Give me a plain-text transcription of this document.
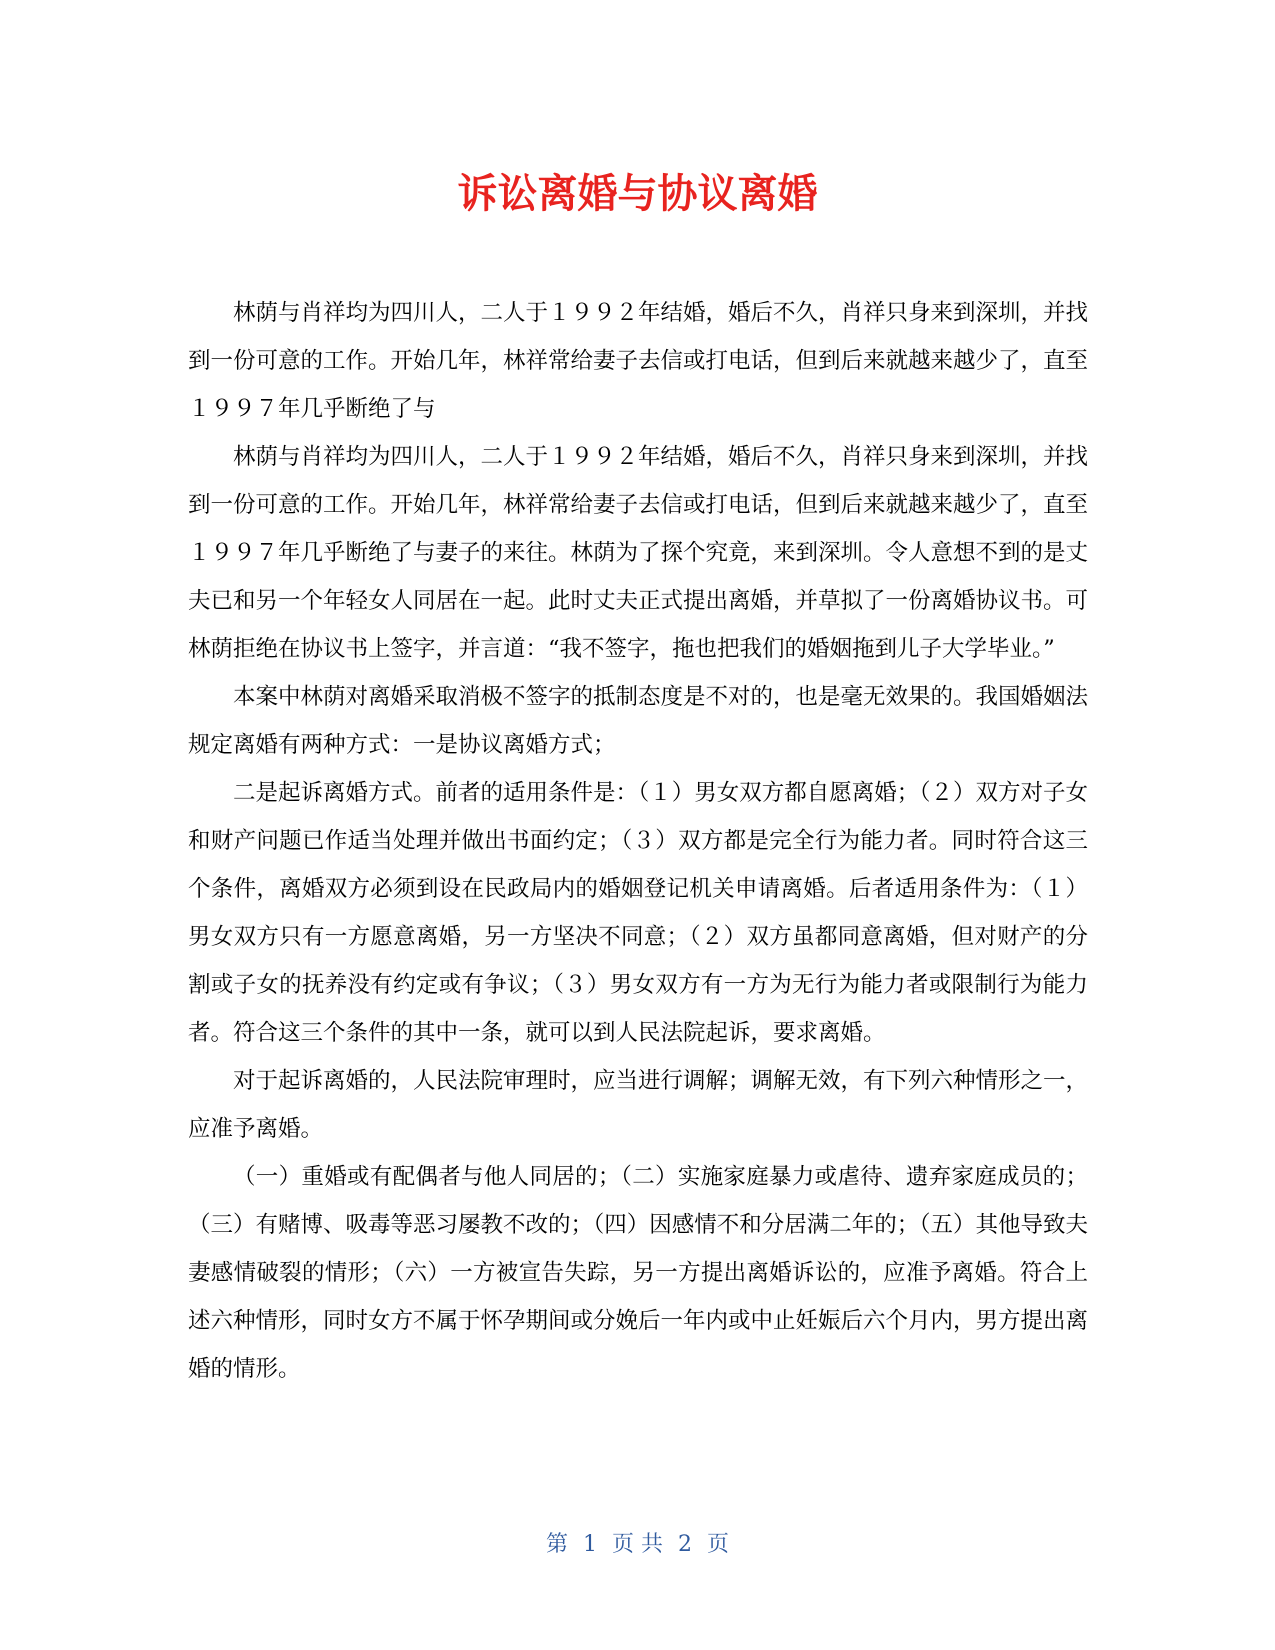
诉讼离婚与协议离婚

林荫与肖祥均为四川人，二人于１９９２年结婚，婚后不久，肖祥只身来到深圳，并找到一份可意的工作。开始几年，林祥常给妻子去信或打电话，但到后来就越来越少了，直至１９９７年几乎断绝了与

林荫与肖祥均为四川人，二人于１９９２年结婚，婚后不久，肖祥只身来到深圳，并找到一份可意的工作。开始几年，林祥常给妻子去信或打电话，但到后来就越来越少了，直至１９９７年几乎断绝了与妻子的来往。林荫为了探个究竟，来到深圳。令人意想不到的是丈夫已和另一个年轻女人同居在一起。此时丈夫正式提出离婚，并草拟了一份离婚协议书。可林荫拒绝在协议书上签字，并言道：“我不签字，拖也把我们的婚姻拖到儿子大学毕业。”

本案中林荫对离婚采取消极不签字的抵制态度是不对的，也是毫无效果的。我国婚姻法规定离婚有两种方式：一是协议离婚方式；

二是起诉离婚方式。前者的适用条件是：（１）男女双方都自愿离婚；（２）双方对子女和财产问题已作适当处理并做出书面约定；（３）双方都是完全行为能力者。同时符合这三个条件，离婚双方必须到设在民政局内的婚姻登记机关申请离婚。后者适用条件为：（１）男女双方只有一方愿意离婚，另一方坚决不同意；（２）双方虽都同意离婚，但对财产的分割或子女的抚养没有约定或有争议；（３）男女双方有一方为无行为能力者或限制行为能力者。符合这三个条件的其中一条，就可以到人民法院起诉，要求离婚。

对于起诉离婚的，人民法院审理时，应当进行调解；调解无效，有下列六种情形之一，应准予离婚。

（一）重婚或有配偶者与他人同居的；（二）实施家庭暴力或虐待、遗弃家庭成员的；（三）有赌博、吸毒等恶习屡教不改的；（四）因感情不和分居满二年的；（五）其他导致夫妻感情破裂的情形；（六）一方被宣告失踪，另一方提出离婚诉讼的，应准予离婚。符合上述六种情形，同时女方不属于怀孕期间或分娩后一年内或中止妊娠后六个月内，男方提出离婚的情形。

第 1 页 共 2 页
